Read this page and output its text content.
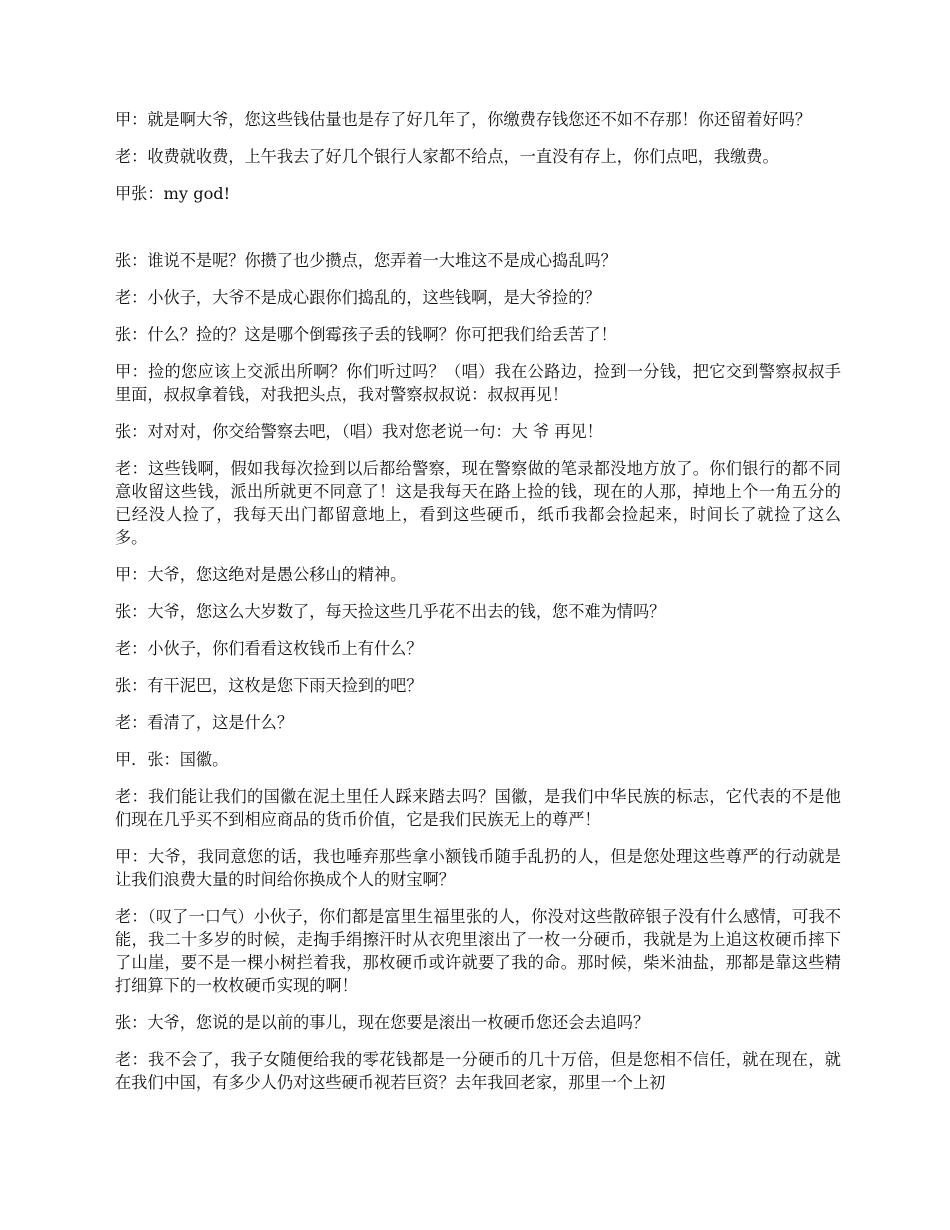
甲：就是啊大爷，您这些钱估量也是存了好几年了，你缴费存钱您还不如不存那！你还留着好吗？

老：收费就收费，上午我去了好几个银行人家都不给点，一直没有存上，你们点吧，我缴费。

甲张：my god!

张：谁说不是呢？你攒了也少攒点，您弄着一大堆这不是成心捣乱吗？

老：小伙子，大爷不是成心跟你们捣乱的，这些钱啊，是大爷捡的？

张：什么？捡的？这是哪个倒霉孩子丢的钱啊？你可把我们给丢苦了！

甲：捡的您应该上交派出所啊？你们听过吗？（唱）我在公路边，捡到一分钱，把它交到警察叔叔手里面，叔叔拿着钱，对我把头点，我对警察叔叔说：叔叔再见！

张：对对对，你交给警察去吧，（唱）我对您老说一句：大 爷 再见！

老：这些钱啊，假如我每次捡到以后都给警察，现在警察做的笔录都没地方放了。你们银行的都不同意收留这些钱，派出所就更不同意了！这是我每天在路上捡的钱，现在的人那，掉地上个一角五分的已经没人捡了，我每天出门都留意地上，看到这些硬币，纸币我都会捡起来，时间长了就捡了这么多。

甲：大爷，您这绝对是愚公移山的精神。

张：大爷，您这么大岁数了，每天捡这些几乎花不出去的钱，您不难为情吗？

老：小伙子，你们看看这枚钱币上有什么？

张：有干泥巴，这枚是您下雨天捡到的吧？

老：看清了，这是什么？

甲．张：国徽。

老：我们能让我们的国徽在泥土里任人踩来踏去吗？国徽，是我们中华民族的标志，它代表的不是他们现在几乎买不到相应商品的货币价值，它是我们民族无上的尊严！

甲：大爷，我同意您的话，我也唾弃那些拿小额钱币随手乱扔的人，但是您处理这些尊严的行动就是让我们浪费大量的时间给你换成个人的财宝啊？

老：（叹了一口气）小伙子，你们都是富里生福里张的人，你没对这些散碎银子没有什么感情，可我不能，我二十多岁的时候，走掏手绢擦汗时从衣兜里滚出了一枚一分硬币，我就是为上追这枚硬币摔下了山崖，要不是一棵小树拦着我，那枚硬币或许就要了我的命。那时候，柴米油盐，那都是靠这些精打细算下的一枚枚硬币实现的啊！

张：大爷，您说的是以前的事儿，现在您要是滚出一枚硬币您还会去追吗？

老：我不会了，我子女随便给我的零花钱都是一分硬币的几十万倍，但是您相不信任，就在现在，就在我们中国，有多少人仍对这些硬币视若巨资？去年我回老家，那里一个上初
